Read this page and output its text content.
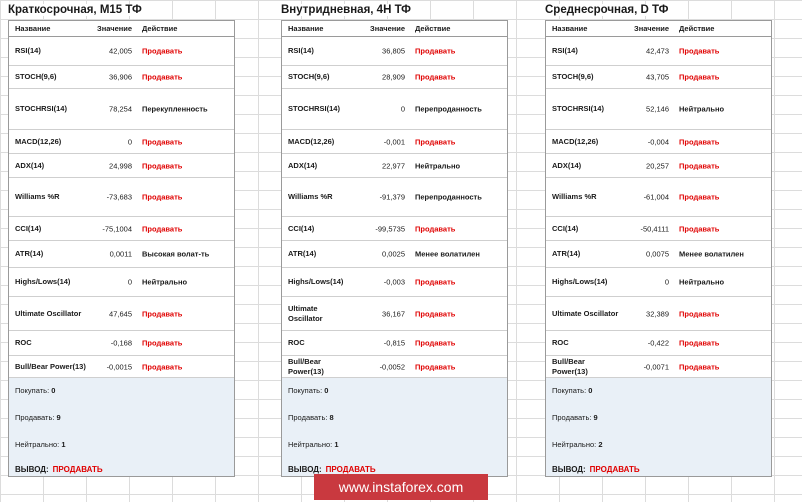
Краткосрочная, M15 ТФ
Название	Значение Действие
RSI(14)	42,005 Продавать
STOCH(9,6)	36,906 Продавать
STOCHRSI(14)	78,254 Перекупленность
MACD(12,26)	0 Продавать
ADX(14)	24,998 Продавать
Williams %R	-73,683 Продавать
CCI(14)	-75,1004 Продавать
ATR(14)	0,0011 Высокая волат-ть
Highs/Lows(14)	0 Нейтрально
Ultimate Oscillator	47,645 Продавать
ROC	-0,168 Продавать
Bull/Bear Power(13)	-0,0015 Продавать
Покупать: 0
Продавать: 9
Нейтрально: 1
ВЫВОД: ПРОДАВАТЬ
Внутридневная, 4H ТФ
Название	Значение Действие
RSI(14)	36,805 Продавать
STOCH(9,6)	28,909 Продавать
STOCHRSI(14)	0 Перепроданность
MACD(12,26)	-0,001 Продавать
ADX(14)	22,977 Нейтрально
Williams %R	-91,379 Перепроданность
CCI(14)	-99,5735 Продавать
ATR(14)	0,0025 Менее волатилен
Highs/Lows(14)	-0,003 Продавать
Ultimate
Oscillator	36,167 Продавать
ROC	-0,815 Продавать
Bull/Bear
Power(13)	-0,0052 Продавать
Покупать: 0
Продавать: 8
Нейтрально: 1
ВЫВОД: ПРОДАВАТЬ
Среднесрочная, D ТФ
Название	Значение Действие
RSI(14)	42,473 Продавать
STOCH(9,6)	43,705 Продавать
STOCHRSI(14)	52,146 Нейтрально
MACD(12,26)	-0,004 Продавать
ADX(14)	20,257 Продавать
Williams %R	-61,004 Продавать
CCI(14)	-50,4111 Продавать
ATR(14)	0,0075 Менее волатилен
Highs/Lows(14)	0 Нейтрально
Ultimate Oscillator	32,389 Продавать
ROC	-0,422 Продавать
Bull/Bear
Power(13)	-0,0071 Продавать
Покупать: 0
Продавать: 9
Нейтрально: 2
ВЫВОД: ПРОДАВАТЬ
www.instaforex.com
